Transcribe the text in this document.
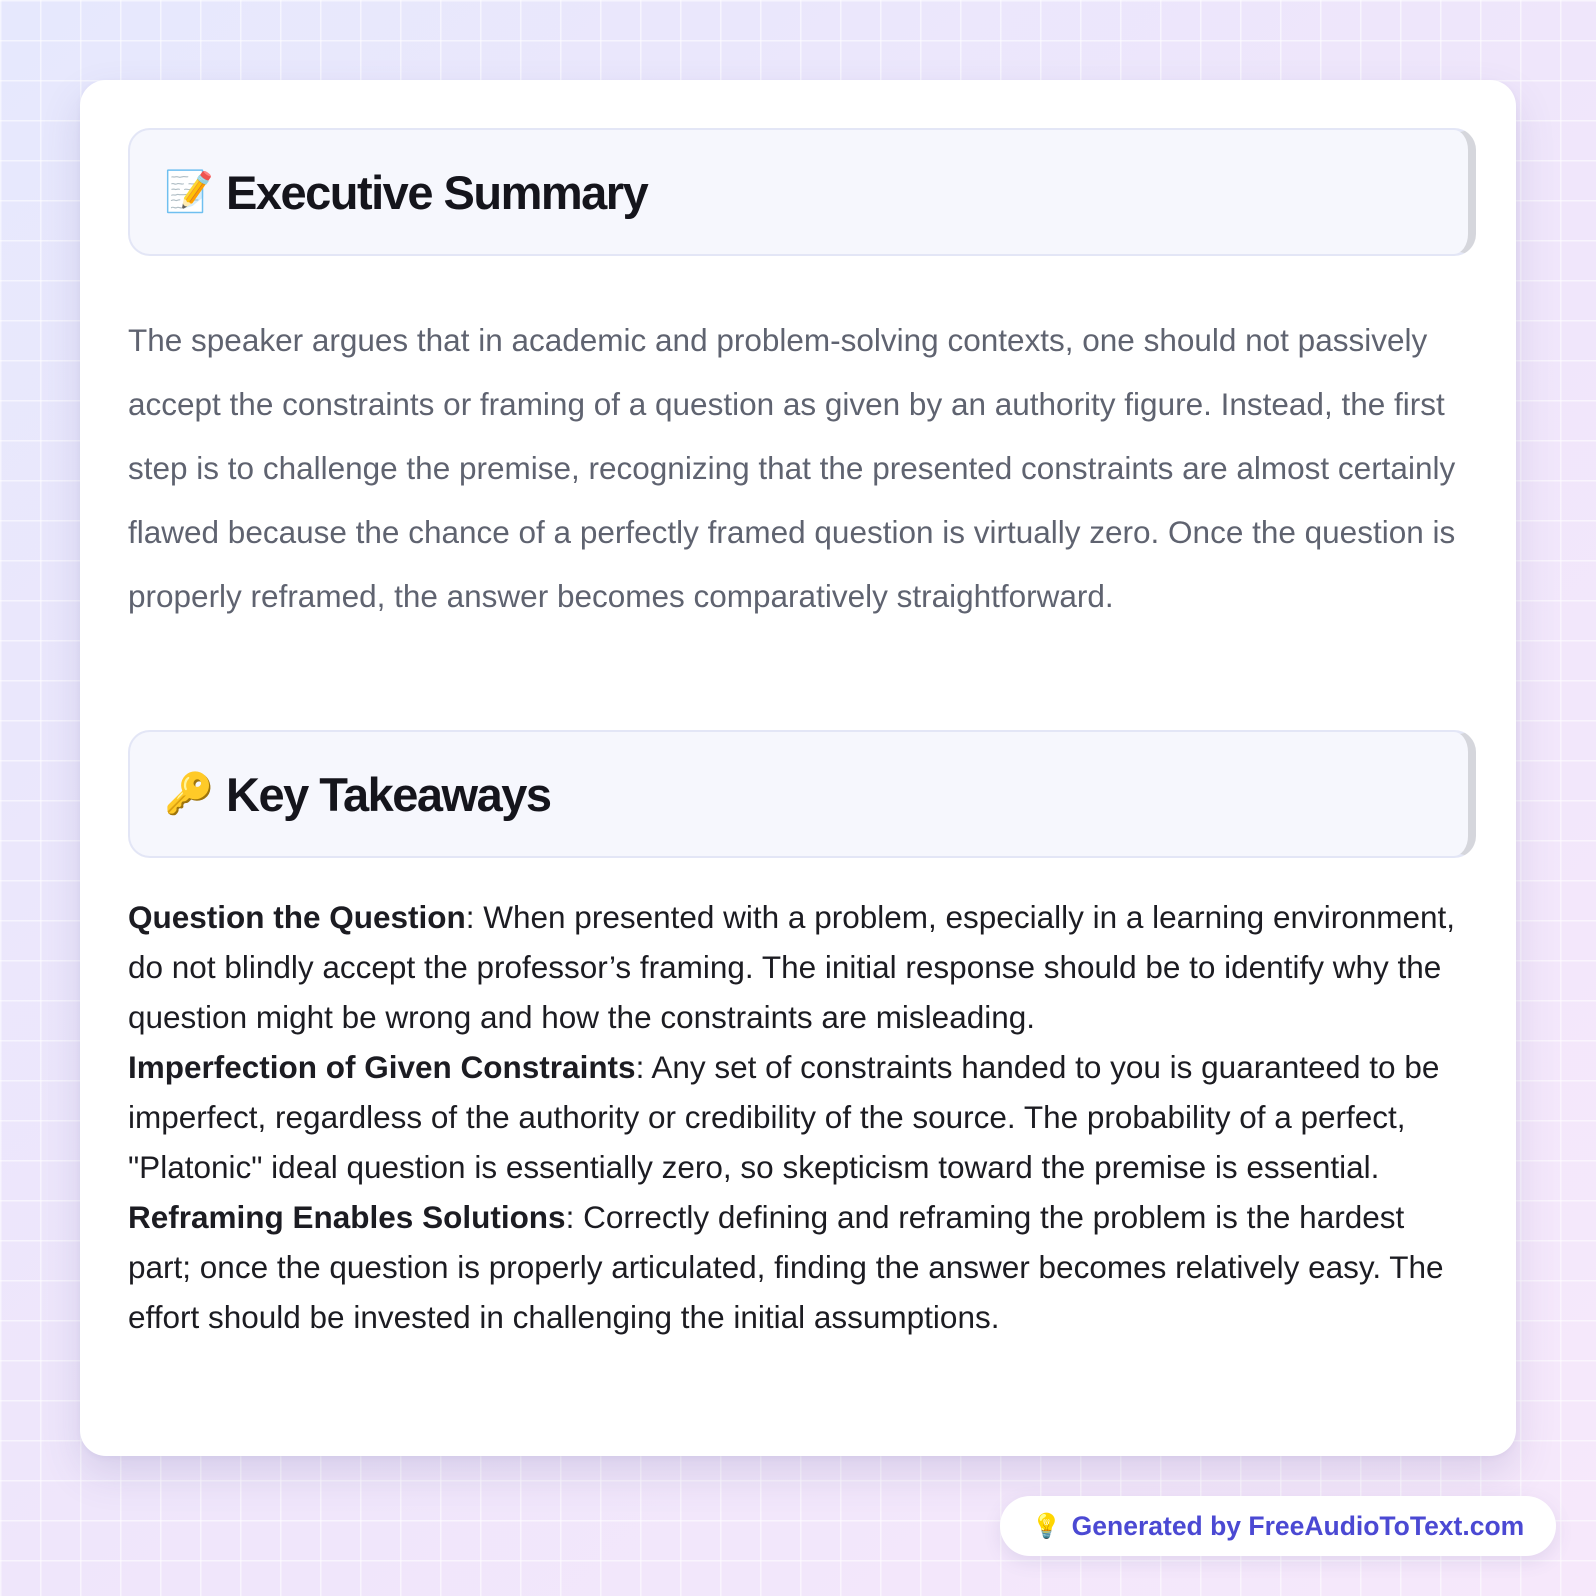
📝 Executive Summary

The speaker argues that in academic and problem-solving contexts, one should not passively accept the constraints or framing of a question as given by an authority figure. Instead, the first step is to challenge the premise, recognizing that the presented constraints are almost certainly flawed because the chance of a perfectly framed question is virtually zero. Once the question is properly reframed, the answer becomes comparatively straightforward.

🔑 Key Takeaways
Question the Question: When presented with a problem, especially in a learning environment, do not blindly accept the professor’s framing. The initial response should be to identify why the question might be wrong and how the constraints are misleading.
Imperfection of Given Constraints: Any set of constraints handed to you is guaranteed to be imperfect, regardless of the authority or credibility of the source. The probability of a perfect, "Platonic" ideal question is essentially zero, so skepticism toward the premise is essential.
Reframing Enables Solutions: Correctly defining and reframing the problem is the hardest part; once the question is properly articulated, finding the answer becomes relatively easy. The effort should be invested in challenging the initial assumptions.
💡 Generated by FreeAudioToText.com
